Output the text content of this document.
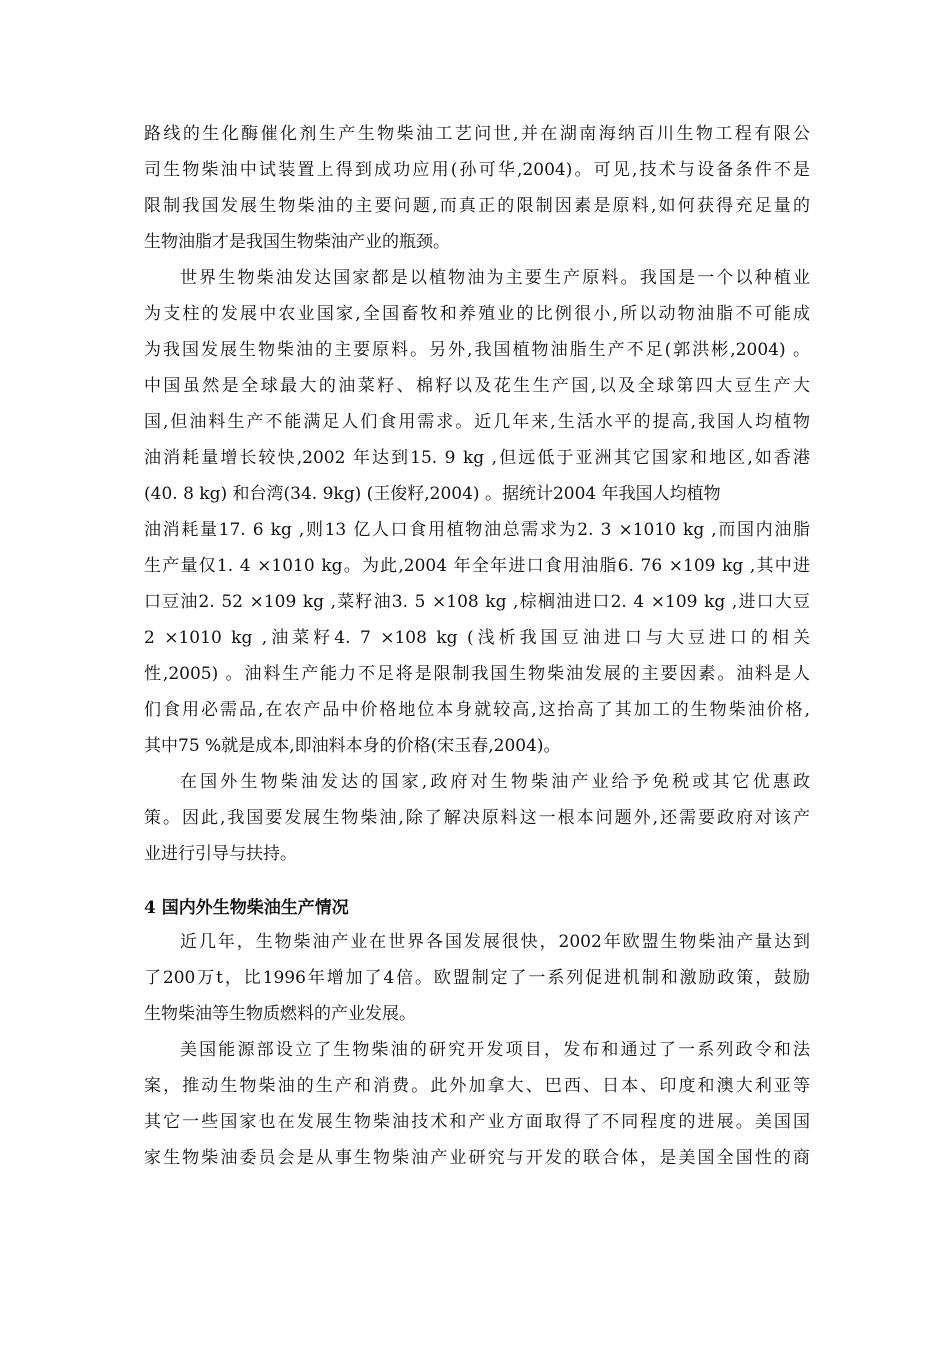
路线的生化酶催化剂生产生物柴油工艺问世,并在湖南海纳百川生物工程有限公
司生物柴油中试装置上得到成功应用(孙可华,2004)。可见,技术与设备条件不是
限制我国发展生物柴油的主要问题,而真正的限制因素是原料,如何获得充足量的
生物油脂才是我国生物柴油产业的瓶颈。
世界生物柴油发达国家都是以植物油为主要生产原料。我国是一个以种植业
为支柱的发展中农业国家,全国畜牧和养殖业的比例很小,所以动物油脂不可能成
为我国发展生物柴油的主要原料。另外,我国植物油脂生产不足(郭洪彬,2004) 。
中国虽然是全球最大的油菜籽、棉籽以及花生生产国,以及全球第四大豆生产大
国,但油料生产不能满足人们食用需求。近几年来,生活水平的提高,我国人均植物
油消耗量增长较快,2002 年达到15. 9 kg ,但远低于亚洲其它国家和地区,如香港
(40. 8 kg) 和台湾(34. 9kg) (王俊籽,2004) 。据统计2004 年我国人均植物
油消耗量17. 6 kg ,则13 亿人口食用植物油总需求为2. 3 ×1010 kg ,而国内油脂
生产量仅1. 4 ×1010 kg。为此,2004 年全年进口食用油脂6. 76 ×109 kg ,其中进
口豆油2. 52 ×109 kg ,菜籽油3. 5 ×108 kg ,棕榈油进口2. 4 ×109 kg ,进口大豆
2 ×1010 kg ,油菜籽4. 7 ×108 kg (浅析我国豆油进口与大豆进口的相关
性,2005) 。油料生产能力不足将是限制我国生物柴油发展的主要因素。油料是人
们食用必需品,在农产品中价格地位本身就较高,这抬高了其加工的生物柴油价格,
其中75 %就是成本,即油料本身的价格(宋玉春,2004)。
在国外生物柴油发达的国家,政府对生物柴油产业给予免税或其它优惠政
策。因此,我国要发展生物柴油,除了解决原料这一根本问题外,还需要政府对该产
业进行引导与扶持。
4 国内外生物柴油生产情况
近几年，生物柴油产业在世界各国发展很快，2002年欧盟生物柴油产量达到
了200万t，比1996年增加了4倍。欧盟制定了一系列促进机制和激励政策，鼓励
生物柴油等生物质燃料的产业发展。
美国能源部设立了生物柴油的研究开发项目，发布和通过了一系列政令和法
案，推动生物柴油的生产和消费。此外加拿大、巴西、日本、印度和澳大利亚等
其它一些国家也在发展生物柴油技术和产业方面取得了不同程度的进展。美国国
家生物柴油委员会是从事生物柴油产业研究与开发的联合体，是美国全国性的商
